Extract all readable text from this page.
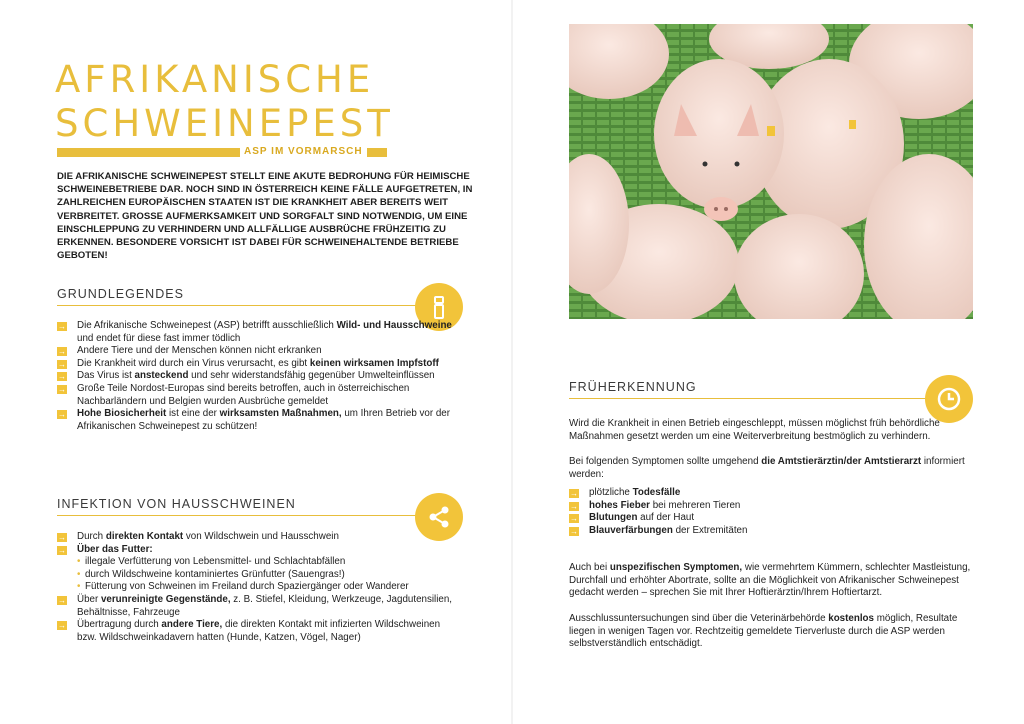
AFRIKANISCHE
SCHWEINEPEST
ASP IM VORMARSCH
DIE AFRIKANISCHE SCHWEINEPEST STELLT EINE AKUTE BEDROHUNG FÜR HEIMISCHE SCHWEINEBETRIEBE DAR. NOCH SIND IN ÖSTERREICH KEINE FÄLLE AUFGETRETEN, IN ZAHLREICHEN EUROPÄISCHEN STAATEN IST DIE KRANKHEIT ABER BEREITS WEIT VERBREITET. GROSSE AUFMERKSAMKEIT UND SORGFALT SIND NOTWENDIG, UM EINE EINSCHLEPPUNG ZU VERHINDERN UND ALLFÄLLIGE AUSBRÜCHE FRÜHZEITIG ZU ERKENNEN. BESONDERE VORSICHT IST DABEI FÜR SCHWEINEHALTENDE BETRIEBE GEBOTEN!
GRUNDLEGENDES
→ Die Afrikanische Schweinepest (ASP) betrifft ausschließlich Wild- und Hausschweine und endet für diese fast immer tödlich
→ Andere Tiere und der Menschen können nicht erkranken
→ Die Krankheit wird durch ein Virus verursacht, es gibt keinen wirksamen Impfstoff
→ Das Virus ist ansteckend und sehr widerstandsfähig gegenüber Umwelteinflüssen
→ Große Teile Nordost-Europas sind bereits betroffen, auch in österreichischen Nachbarländern und Belgien wurden Ausbrüche gemeldet
→ Hohe Biosicherheit ist eine der wirksamsten Maßnahmen, um Ihren Betrieb vor der Afrikanischen Schweinepest zu schützen!
INFEKTION VON HAUSSCHWEINEN
→ Durch direkten Kontakt von Wildschwein und Hausschwein
→ Über das Futter:
• illegale Verfütterung von Lebensmittel- und Schlachtabfällen
• durch Wildschweine kontaminiertes Grünfutter (Sauengras!)
• Fütterung von Schweinen im Freiland durch Spaziergänger oder Wanderer
→ Über verunreinigte Gegenstände, z. B. Stiefel, Kleidung, Werkzeuge, Jagdutensilien, Behältnisse, Fahrzeuge
→ Übertragung durch andere Tiere, die direkten Kontakt mit infizierten Wildschweinen bzw. Wildschweinkadavern hatten (Hunde, Katzen, Vögel, Nager)
FRÜHERKENNUNG
Wird die Krankheit in einen Betrieb eingeschleppt, müssen möglichst früh behördliche Maßnahmen gesetzt werden um eine Weiterverbreitung bestmöglich zu verhindern.
Bei folgenden Symptomen sollte umgehend die Amtstierärztin/der Amtstierarzt informiert werden:
→ plötzliche Todesfälle
→ hohes Fieber bei mehreren Tieren
→ Blutungen auf der Haut
→ Blauverfärbungen der Extremitäten
Auch bei unspezifischen Symptomen, wie vermehrtem Kümmern, schlechter Mastleistung, Durchfall und erhöhter Abortrate, sollte an die Möglichkeit von Afrikanischer Schweinepest gedacht werden – sprechen Sie mit Ihrer Hoftierärztin/Ihrem Hoftiertarzt.
Ausschlussuntersuchungen sind über die Veterinärbehörde kostenlos möglich, Resultate liegen in wenigen Tagen vor. Rechtzeitig gemeldete Tierverluste durch die ASP werden selbstverständlich entschädigt.
